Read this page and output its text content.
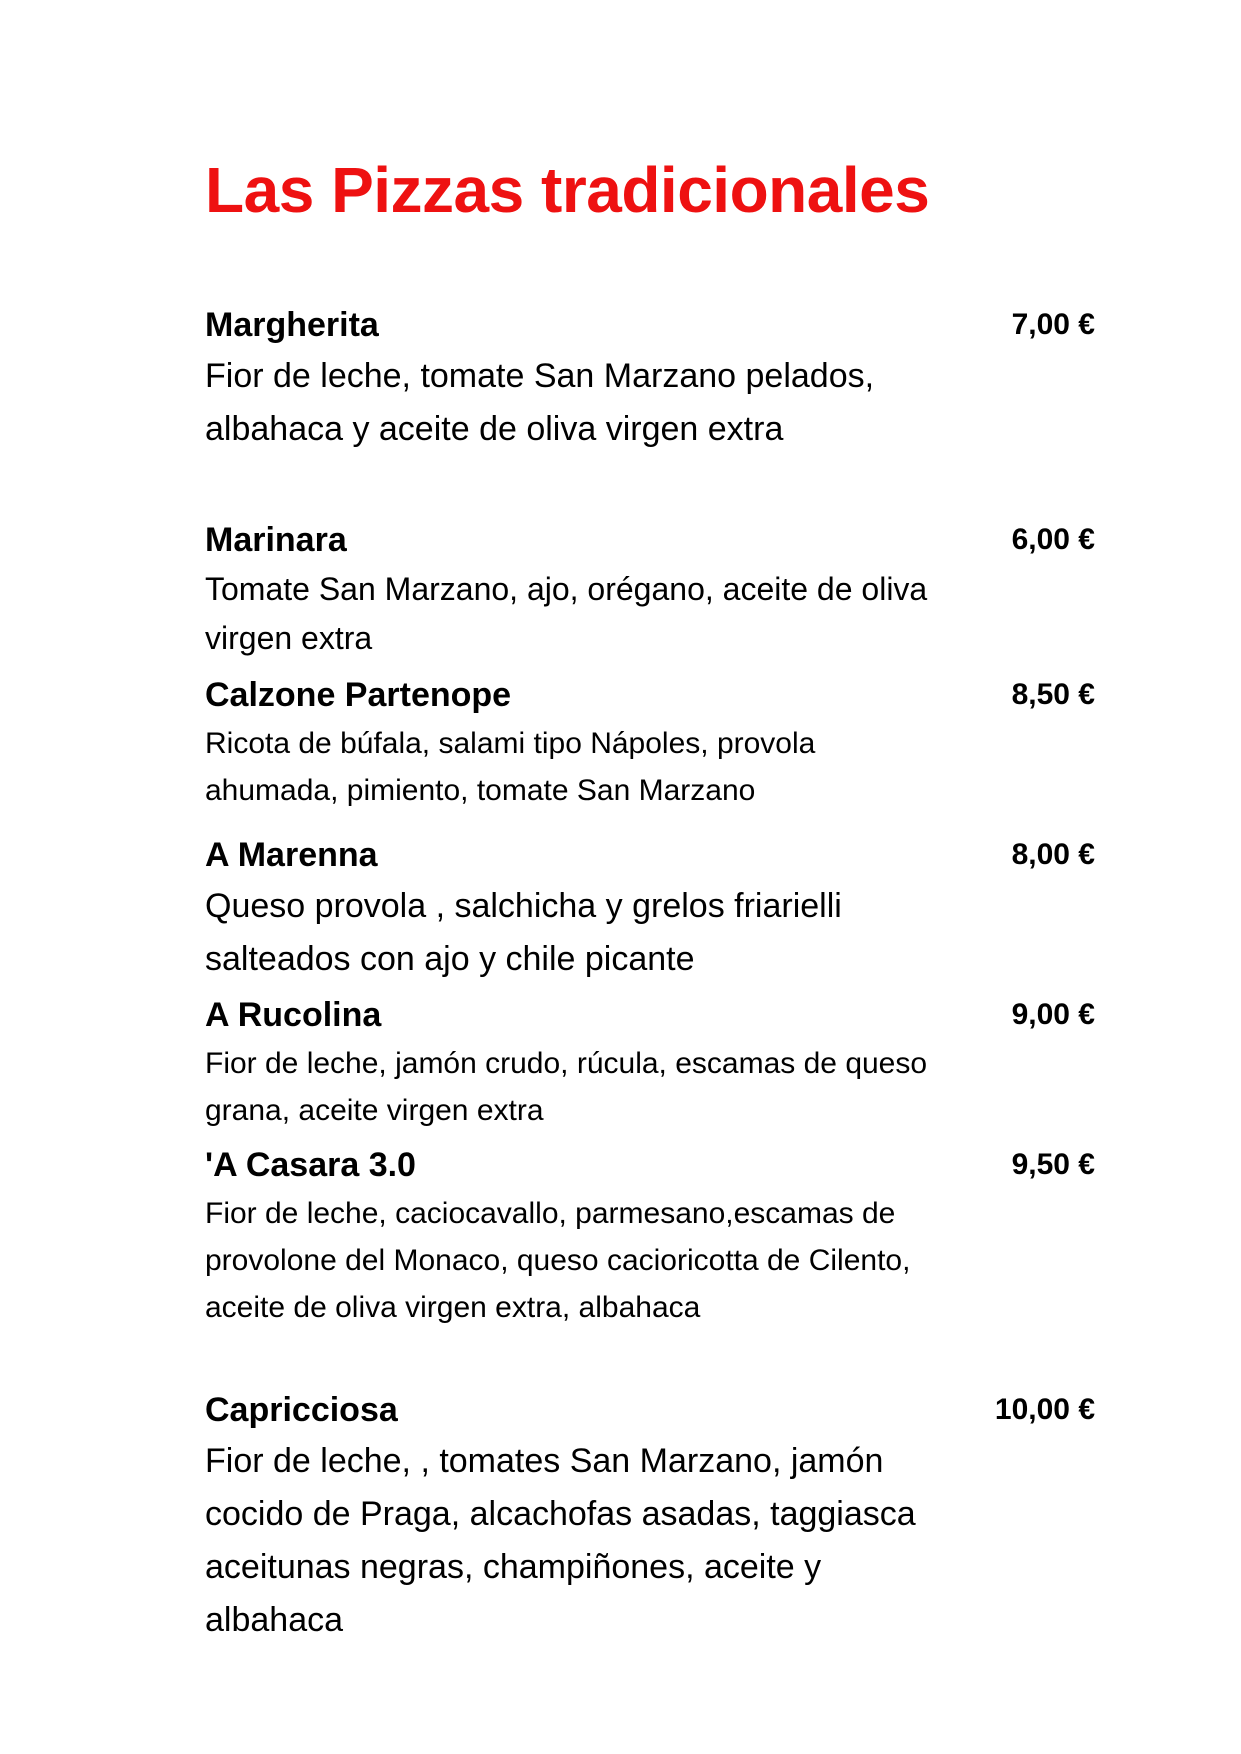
Las Pizzas tradicionales
Margherita	7,00 €

Fior de leche, tomate San Marzano pelados, albahaca y aceite de oliva virgen extra

Marinara	6,00 €

Tomate San Marzano, ajo, orégano, aceite de oliva virgen extra

Calzone Partenope	8,50 €

Ricota de búfala, salami tipo Nápoles, provola ahumada, pimiento, tomate San Marzano

A Marenna	8,00 €

Queso provola , salchicha y grelos friarielli salteados con ajo y chile picante

A Rucolina	9,00 €

Fior de leche, jamón crudo, rúcula, escamas de queso grana, aceite virgen extra

'A Casara 3.0	9,50 €

Fior de leche, caciocavallo, parmesano,escamas de provolone del Monaco, queso cacioricotta de Cilento, aceite de oliva virgen extra, albahaca

Capricciosa	10,00 €

Fior de leche, , tomates San Marzano, jamón cocido de Praga, alcachofas asadas, taggiasca aceitunas negras, champiñones, aceite y albahaca
